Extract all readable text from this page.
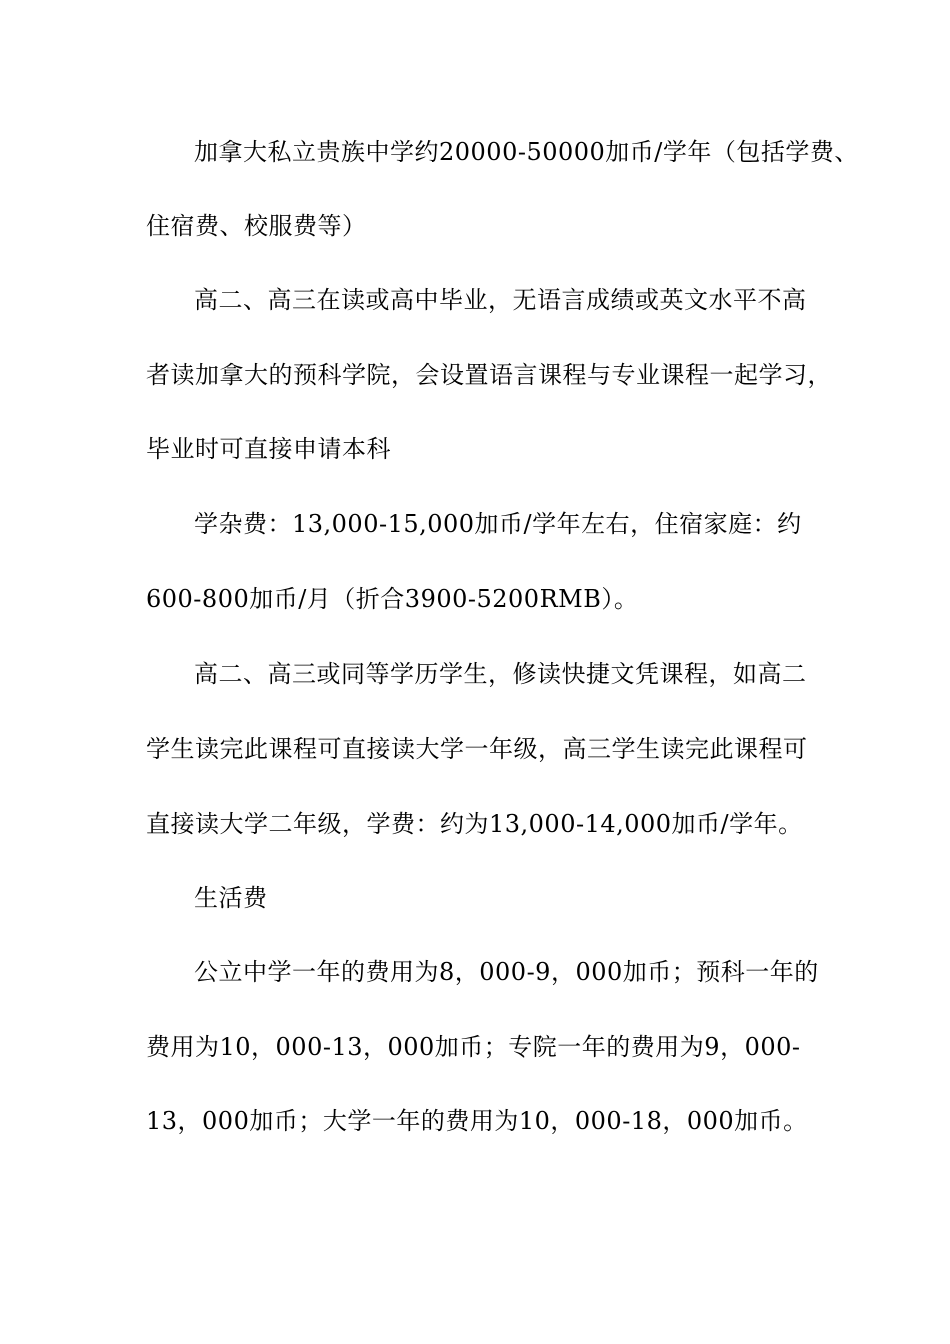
加拿大私立贵族中学约20000-50000加币/学年（包括学费、
住宿费、校服费等）
高二、高三在读或高中毕业，无语言成绩或英文水平不高
者读加拿大的预科学院，会设置语言课程与专业课程一起学习，
毕业时可直接申请本科
学杂费：13,000-15,000加币/学年左右，住宿家庭：约
600-800加币/月（折合3900-5200RMB）。
高二、高三或同等学历学生，修读快捷文凭课程，如高二
学生读完此课程可直接读大学一年级，高三学生读完此课程可
直接读大学二年级，学费：约为13,000-14,000加币/学年。
生活费
公立中学一年的费用为8，000-9，000加币；预科一年的
费用为10，000-13，000加币；专院一年的费用为9，000-
13，000加币；大学一年的费用为10，000-18，000加币。
